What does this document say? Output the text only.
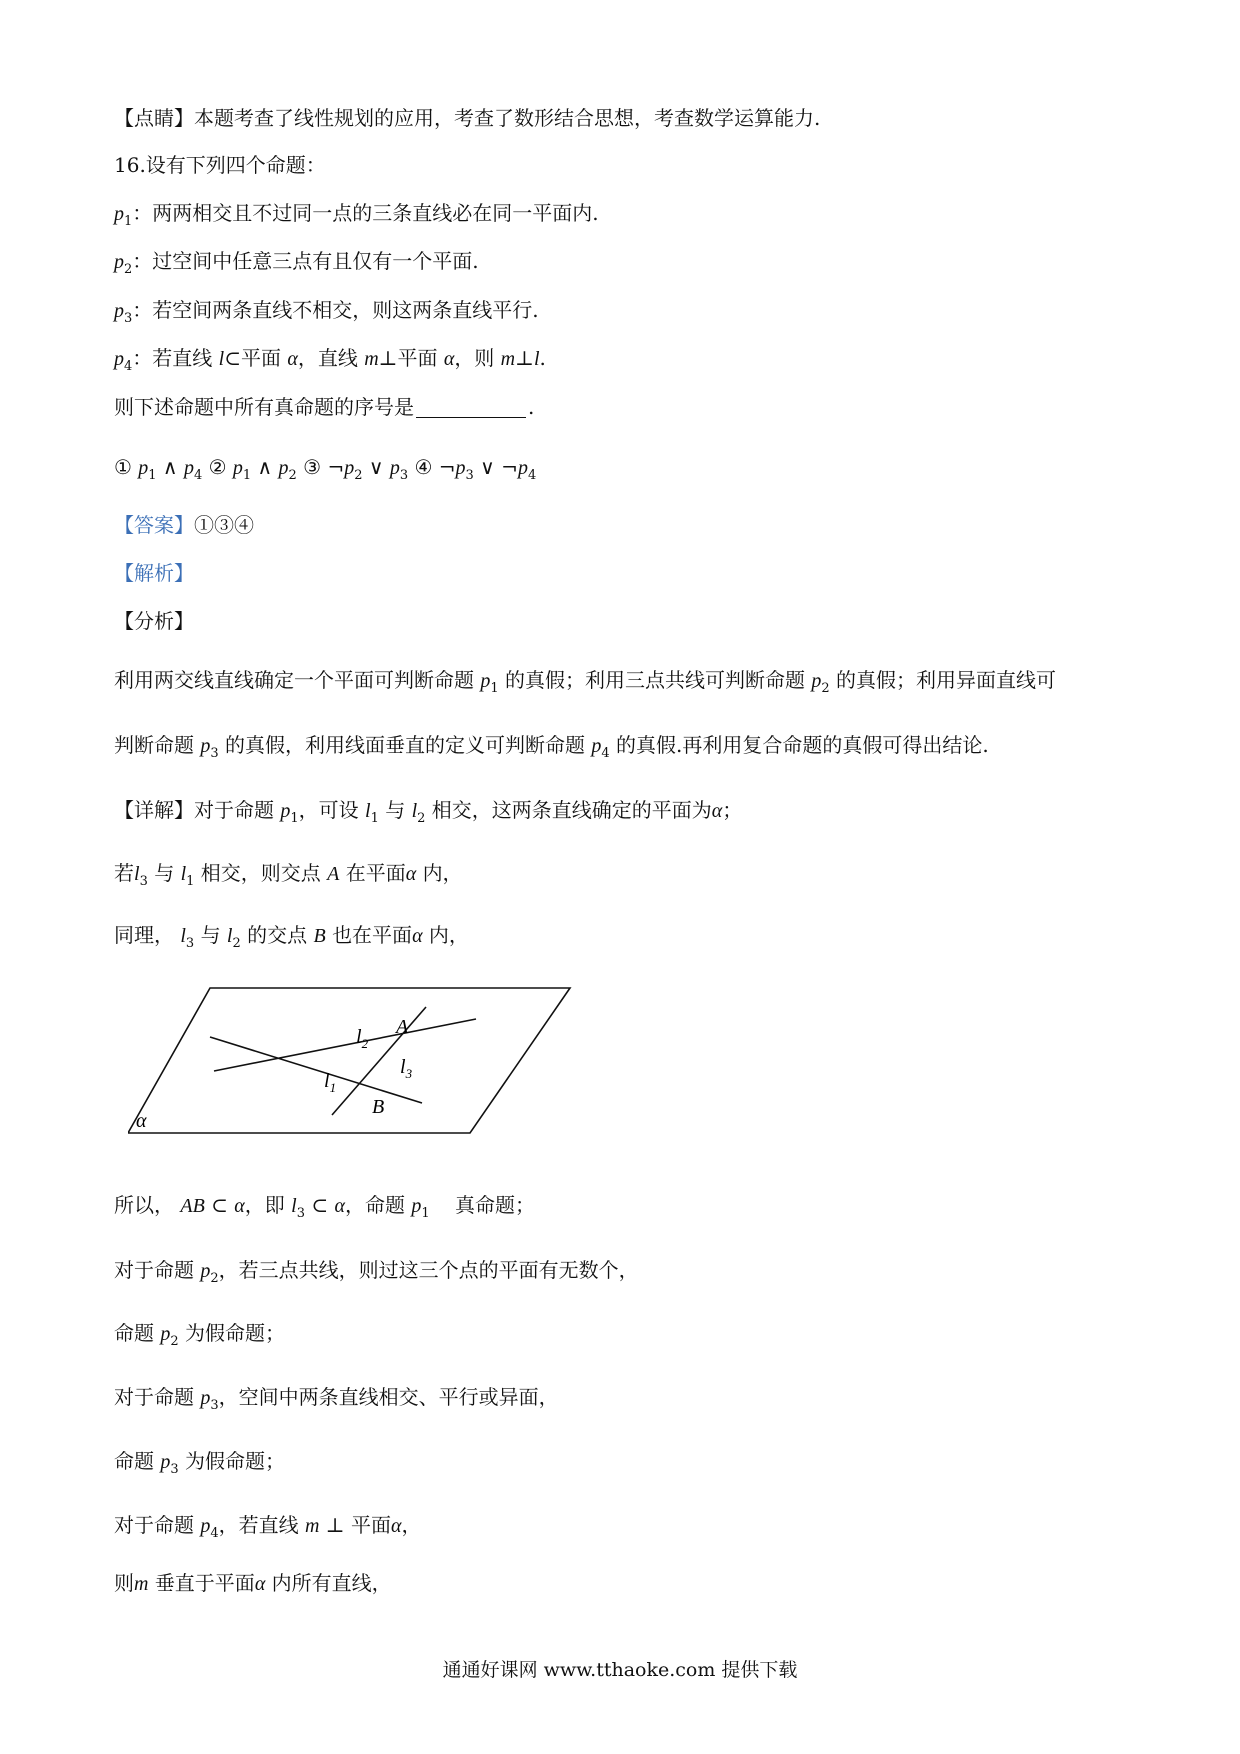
【点睛】本题考查了线性规划的应用，考查了数形结合思想，考查数学运算能力.
16.设有下列四个命题：
$p_1$：两两相交且不过同一点的三条直线必在同一平面内.
$p_2$：过空间中任意三点有且仅有一个平面.
$p_3$：若空间两条直线不相交，则这两条直线平行.
$p_4$：若直线 l⊂平面 α，直线 m⊥平面 α，则 m⊥l.
则下述命题中所有真命题的序号是	.
① $p_1$ ∧ $p_4$ ② $p_1$ ∧ $p_2$ ③ $\neg p_2$ ∨ $p_3$ ④ $\neg p_3$ ∨ $\neg p_4$
【答案】①③④
【解析】
【分析】
利用两交线直线确定一个平面可判断命题 $p_1$ 的真假；利用三点共线可判断命题 $p_2$ 的真假；利用异面直线可
判断命题 $p_3$ 的真假，利用线面垂直的定义可判断命题 $p_4$ 的真假.再利用复合命题的真假可得出结论.
【详解】对于命题 $p_1$，可设 $l_1$ 与 $l_2$ 相交，这两条直线确定的平面为α；
若$l_3$ 与 $l_1$ 相交，则交点 A 在平面α 内，
同理， $l_3$ 与 $l_2$ 的交点 B 也在平面α 内，
$l_2$
A
$l_3$
$l_1$
B
α
所以， AB ⊂ α，即 $l_3$ ⊂ α，命题 $p_1$ 真命题；
对于命题 $p_2$，若三点共线，则过这三个点的平面有无数个，
命题 $p_2$ 为假命题；
对于命题 $p_3$，空间中两条直线相交、平行或异面，
命题 $p_3$ 为假命题；
对于命题 $p_4$，若直线 m ⊥ 平面α，
则m 垂直于平面α 内所有直线，
通通好课网 www.tthaoke.com 提供下载
